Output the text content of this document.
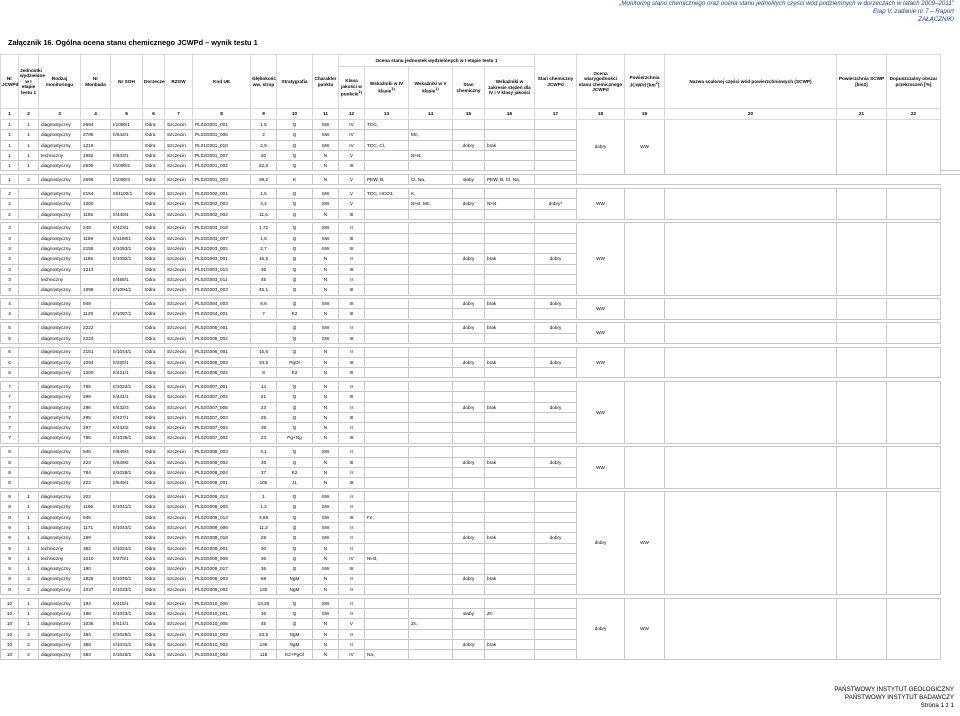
„Monitoring stanu chemicznego oraz ocena stanu jednolitych części wód podziemnych w dorzeczach w latach 2009–2011"
Etap V, zadanie nr 7 – Raport
ZAŁĄCZNIKI
Załącznik 16. Ogólna ocena stanu chemicznego JCWPd – wynik testu 1
Nr JCWPd	Jednostki wydzielone w I etapie testu 1	Rodzaj monitoringu	Nr Monbada	Nr SOH	Dorzecze	RZGW	Kod UE	Głębokość ww. strop	Stratygrafia	Charakter punktu	Ocena stanu jednostek wydzielonych w I etapie testu 1					Stan chemiczny JCWPd	Ocena wiarygodności stanu chemicznego JCWPd	Powierzchnia JCWPd $[km^2]$	Nazwa scalonej części wód powierzchniowych (SCWP)	Powierzchnia SCWP [km2]	Dopuszczalny obszar przekroczeń [%]					
											Klasa jakości w punkcie$^{1)}$	Wskaźniki w IV klasie$^{1)}$	Wskaźniki w V klasie$^{1)}$	Stan chemiczny	Wskaźniki w zakresie stężeń dla IV i V klasy jakości											

1	2	3	4	5	6	7	8	9	10	11	12	13	14	15	16	17	18	19	20	21	22					
1	1	diagnostyczny	2694	I/1050/1	Odra	Szczecin	PL02G001_001	1,5	Q	SW	IV	TOC,					dobry	WW								
1	1	diagnostyczny	2706	II/642/1	Odra	Szczecin	PL02G001_006	2	Q	SW	IV		Mn,													
1	1	diagnostyczny	1216		Odra	Szczecin	PL01G001_010	2,9	Q	SW	IV	TOC, Cl,		dobry	brak											
1	1	techniczny	1582	II/643/1	Odra	Szczecin	PL02G001_007	20	Q	N	V		NH4,													
1	1	diagnostyczny	2695	I/1090/2	Odra	Szczecin	PL02G001_002	22,6	Q	N	III															

1	2	diagnostyczny	2696	I/1090/3	Odra	Szczecin	PL02G001_003	39,2	K	N	V	PEW, B,	Cl, Na,	słaby	PEW, B, Cl, Na,											

2		diagnostyczny	2154	III/1100/1	Odra	Szczecin	PL02G002_001	1,5	Q	SW	V	TOC, HCO3,	K,				WW									
2		diagnostyczny	1000		Odra	Szczecin	PL02G002_003	4,4	Q	SW	V		NH4, Mn,	dobry	NH4	dobry*										
2		diagnostyczny	1185	II/440/1	Odra	Szczecin	PL02G002_002	11,6	Q	N	III															

3		diagnostyczny	249	II/423/1	Odra	Szczecin	PL02G003_010	1,72	Q	SW	II						WW									
3		diagnostyczny	1169	II/1108/1	Odra	Szczecin	PL02G003_007	1,8	Q	SW	III															
3		diagnostyczny	2155	II/1093/1	Odra	Szczecin	PL02G003_002	2,7	Q	SW	III															
3		diagnostyczny	1186	II/1092/1	Odra	Szczecin	PL02G003_001	16,5	Q	N	II			dobry	brak	dobry										
3		diagnostyczny	1213		Odra	Szczecin	PL01G003_013	35	Q	N	III															
3		techniczny		II/468/1	Odra	Szczecin	PL02G003_011	45	Q	N	II															
3		diagnostyczny	1098	II/1094/1	Odra	Szczecin	PL02G003_003	45,1	Q	N	III															

4		diagnostyczny	948		Odra	Szczecin	PL02G004_003	8,6	Q	SW	III			dobry	brak	dobry	WW									
4		diagnostyczny	1129	II/1097/1	Odra	Szczecin	PL02G004_001	7	K2	N	III															

5		diagnostyczny	2222		Odra	Szczecin	PL02G005_001		Q	SW	II			dobry	brak	dobry	WW									
5		diagnostyczny	2224		Odra	Szczecin	PL02G005_002		Q	SW	III															

6		diagnostyczny	2151	II/1044/1	Odra	Szczecin	PL02G006_001	15,5	Q	N	II						WW									
6		diagnostyczny	1094	II/330/1	Odra	Szczecin	PL02G006_003	33,5	PgOl	N	III			dobry	brak	dobry										
6		diagnostyczny	1200	II/421/1	Odra	Szczecin	PL02G006_002	8	K2	N	III															

7		diagnostyczny	785	II/1022/1	Odra	Szczecin	PL02G007_001	14	Q	N	II						WW									
7		diagnostyczny	298	II/441/1	Odra	Szczecin	PL02G007_002	21	Q	N	III															
7		diagnostyczny	296	II/432/3	Odra	Szczecin	PL02G007_005	23	Q	N	II			dobry	brak	dobry										
7		diagnostyczny	295	II/427/1	Odra	Szczecin	PL02G007_003	25	Q	N	III															
7		diagnostyczny	297	II/432/2	Odra	Szczecin	PL02G007_004	38	Q	N	II															
7		diagnostyczny	786	II/1035/1	Odra	Szczecin	PL02G007_002	23	Pg+Ng	N	III															

8		diagnostyczny	946	II/649/3	Odra	Szczecin	PL02G008_003	3,1	Q	SW	II						WW									
8		diagnostyczny	223	II/649/2	Odra	Szczecin	PL02G008_002	35	Q	N	III			dobry	brak	dobry										
8		diagnostyczny	784	II/1028/1	Odra	Szczecin	PL02G008_004	37	K2	N	II															
8		diagnostyczny	222	II/649/1	Odra	Szczecin	PL02G008_001	105	J1	N	III															

9	1	diagnostyczny	202		Odra	Szczecin	PL02G009_013	1	Q	SW	II						dobry	WW								
9	1	diagnostyczny	1196	II/1041/1	Odra	Szczecin	PL02G009_004	1,2	Q	SW	II															
9	1	diagnostyczny	945		Odra	Szczecin	PL02G009_014	3,99	Q	SW	III	Fe,														
9	1	diagnostyczny	1171	II/1043/1	Odra	Szczecin	PL02G009_006	11,2	Q	SW	II															
9	1	diagnostyczny	199		Odra	Szczecin	PL02G009_018	28	Q	SW	II			dobry	brak	dobry										
9	1	techniczny	382	II/1024/1	Odra	Szczecin	PL02G009_001	30	Q	N	II															
9	1	techniczny	1010	II/270/1	Odra	Szczecin	PL02G009_008	36	Q	N	IV	NH4,														
9	1	diagnostyczny	190		Odra	Szczecin	PL02G009_017	36	Q	SW	III															
9	2	diagnostyczny	1925	II/1040/1	Odra	Szczecin	PL02G009_003	68	NgM	N	II			dobry	brak											
9	2	diagnostyczny	1037	II/1033/1	Odra	Szczecin	PL02G009_002	130	NgM	N	II															

10	1	diagnostyczny	194	II/415/1	Odra	Szczecin	PL02G010_006	13,25	Q	SW	II						dobry	WW								
10	1	diagnostyczny	198	II/1023/1	Odra	Szczecin	PL02G010_001	36	Q	SW	II			słaby	Zn											
10	1	diagnostyczny	1036	II/414/1	Odra	Szczecin	PL02G010_005	45	Q	N	V		Zn,													
10	2	diagnostyczny	384	II/1029/1	Odra	Szczecin	PL02G010_003	23,5	NgM	N	II															
10	2	diagnostyczny	386	II/1031/1	Odra	Szczecin	PL02G010_004	136	NgM	N	II			dobry	brak											
10	2	diagnostyczny	383	II/1026/1	Odra	Szczecin	PL02G010_002	118	K2+PgOl	N	IV	Na,														
PAŃSTWOWY INSTYTUT GEOLOGICZNY
PAŃSTWOWY INSTYTUT BADAWCZY
Strona 1 z 1
